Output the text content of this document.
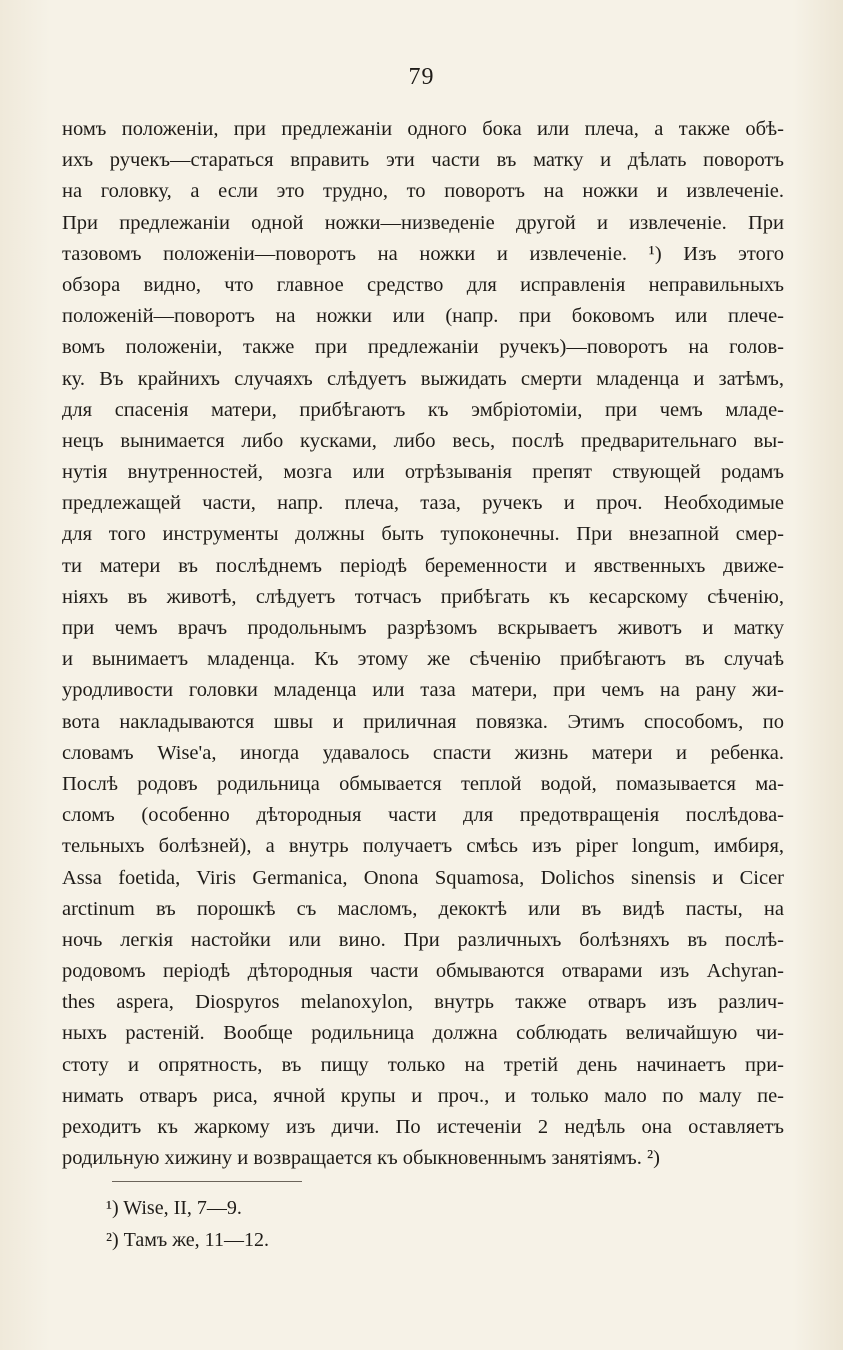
79
номъ положеніи, при предлежаніи одного бока или плеча, а также обѣ-
ихъ ручекъ—стараться вправить эти части въ матку и дѣлать поворотъ
на головку, а если это трудно, то поворотъ на ножки и извлеченіе.
При предлежаніи одной ножки—низведеніе другой и извлеченіе. При
тазовомъ положеніи—поворотъ на ножки и извлеченіе. ¹) Изъ этого
обзора видно, что главное средство для исправленія неправильныхъ
положеній—поворотъ на ножки или (напр. при боковомъ или плече-
вомъ положеніи, также при предлежаніи ручекъ)—поворотъ на голов-
ку. Въ крайнихъ случаяхъ слѣдуетъ выжидать смерти младенца и затѣмъ,
для спасенія матери, прибѣгаютъ къ эмбріотоміи, при чемъ младе-
нецъ вынимается либо кусками, либо весь, послѣ предварительнаго вы-
нутія внутренностей, мозга или отрѣзыванія препят ствующей родамъ
предлежащей части, напр. плеча, таза, ручекъ и проч. Необходимые
для того инструменты должны быть тупоконечны. При внезапной смер-
ти матери въ послѣднемъ періодѣ беременности и явственныхъ движе-
ніяхъ въ животѣ, слѣдуетъ тотчасъ прибѣгать къ кесарскому сѣченію,
при чемъ врачъ продольнымъ разрѣзомъ вскрываетъ животъ и матку
и вынимаетъ младенца. Къ этому же сѣченію прибѣгаютъ въ случаѣ
уродливости головки младенца или таза матери, при чемъ на рану жи-
вота накладываются швы и приличная повязка. Этимъ способомъ, по
словамъ Wise'а, иногда удавалось спасти жизнь матери и ребенка.
Послѣ родовъ родильница обмывается теплой водой, помазывается ма-
сломъ (особенно дѣтородныя части для предотвращенія послѣдова-
тельныхъ болѣзней), а внутрь получаетъ смѣсь изъ piper longum, имбиря,
Assa foetida, Viris Germanica, Onona Squamosa, Dolichos sinensis и Cicer
arctinum въ порошкѣ съ масломъ, декоктѣ или въ видѣ пасты, на
ночь легкія настойки или вино. При различныхъ болѣзняхъ въ послѣ-
родовомъ періодѣ дѣтородныя части обмываются отварами изъ Achyran-
thes aspera, Diospyros melanoxylon, внутрь также отваръ изъ различ-
ныхъ растеній. Вообще родильница должна соблюдать величайшую чи-
стоту и опрятность, въ пищу только на третій день начинаетъ при-
нимать отваръ риса, ячной крупы и проч., и только мало по малу пе-
реходитъ къ жаркому изъ дичи. По истеченіи 2 недѣль она оставляетъ
родильную хижину и возвращается къ обыкновеннымъ занятіямъ. ²)
¹) Wise, II, 7—9.
²) Тамъ же, 11—12.
